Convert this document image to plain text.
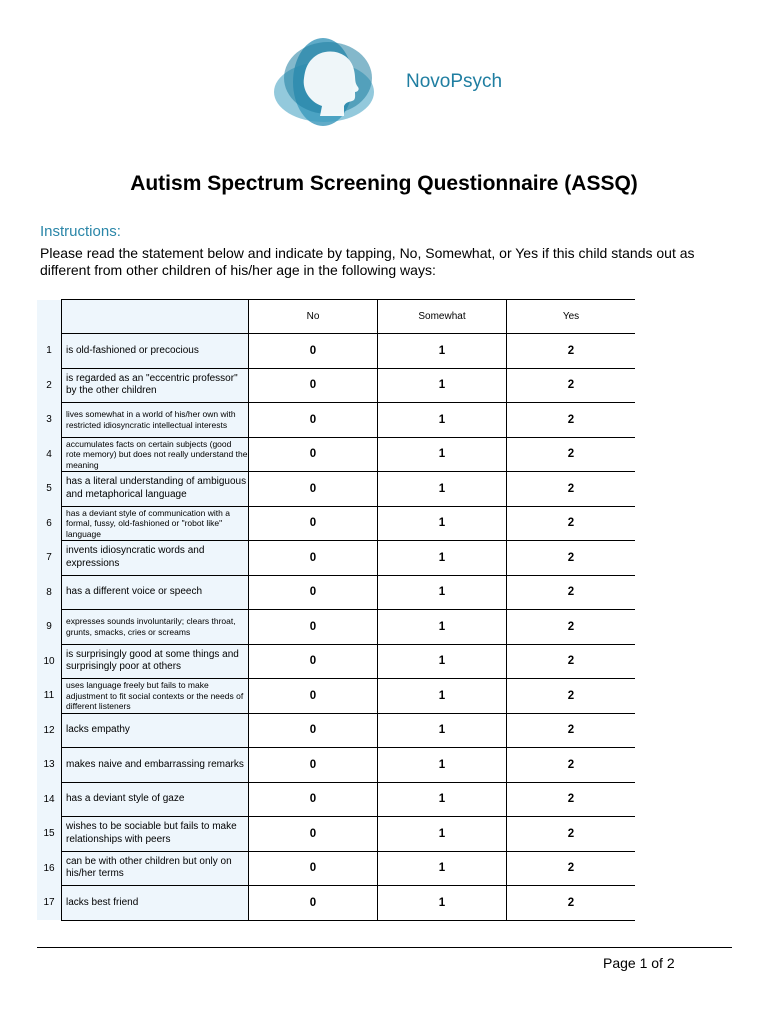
NovoPsych
Autism Spectrum Screening Questionnaire (ASSQ)
Instructions:
Please read the statement below and indicate by tapping, No, Somewhat, or Yes if this child stands out as different from other children of his/her age in the following ways:
		No	Somewhat	Yes
1	is old-fashioned or precocious	0	1	2
2	is regarded as an "eccentric professor" by the other children	0	1	2
3	lives somewhat in a world of his/her own with restricted idiosyncratic intellectual interests	0	1	2
4	accumulates facts on certain subjects (good rote memory) but does not really understand the meaning	0	1	2
5	has a literal understanding of ambiguous and metaphorical language	0	1	2
6	has a deviant style of communication with a formal, fussy, old-fashioned or "robot like" language	0	1	2
7	invents idiosyncratic words and expressions	0	1	2
8	has a different voice or speech	0	1	2
9	expresses sounds involuntarily; clears throat, grunts, smacks, cries or screams	0	1	2
10	is surprisingly good at some things and surprisingly poor at others	0	1	2
11	uses language freely but fails to make adjustment to fit social contexts or the needs of different listeners	0	1	2
12	lacks empathy	0	1	2
13	makes naive and embarrassing remarks	0	1	2
14	has a deviant style of gaze	0	1	2
15	wishes to be sociable but fails to make relationships with peers	0	1	2
16	can be with other children but only on his/her terms	0	1	2
17	lacks best friend	0	1	2
Page 1 of 2
